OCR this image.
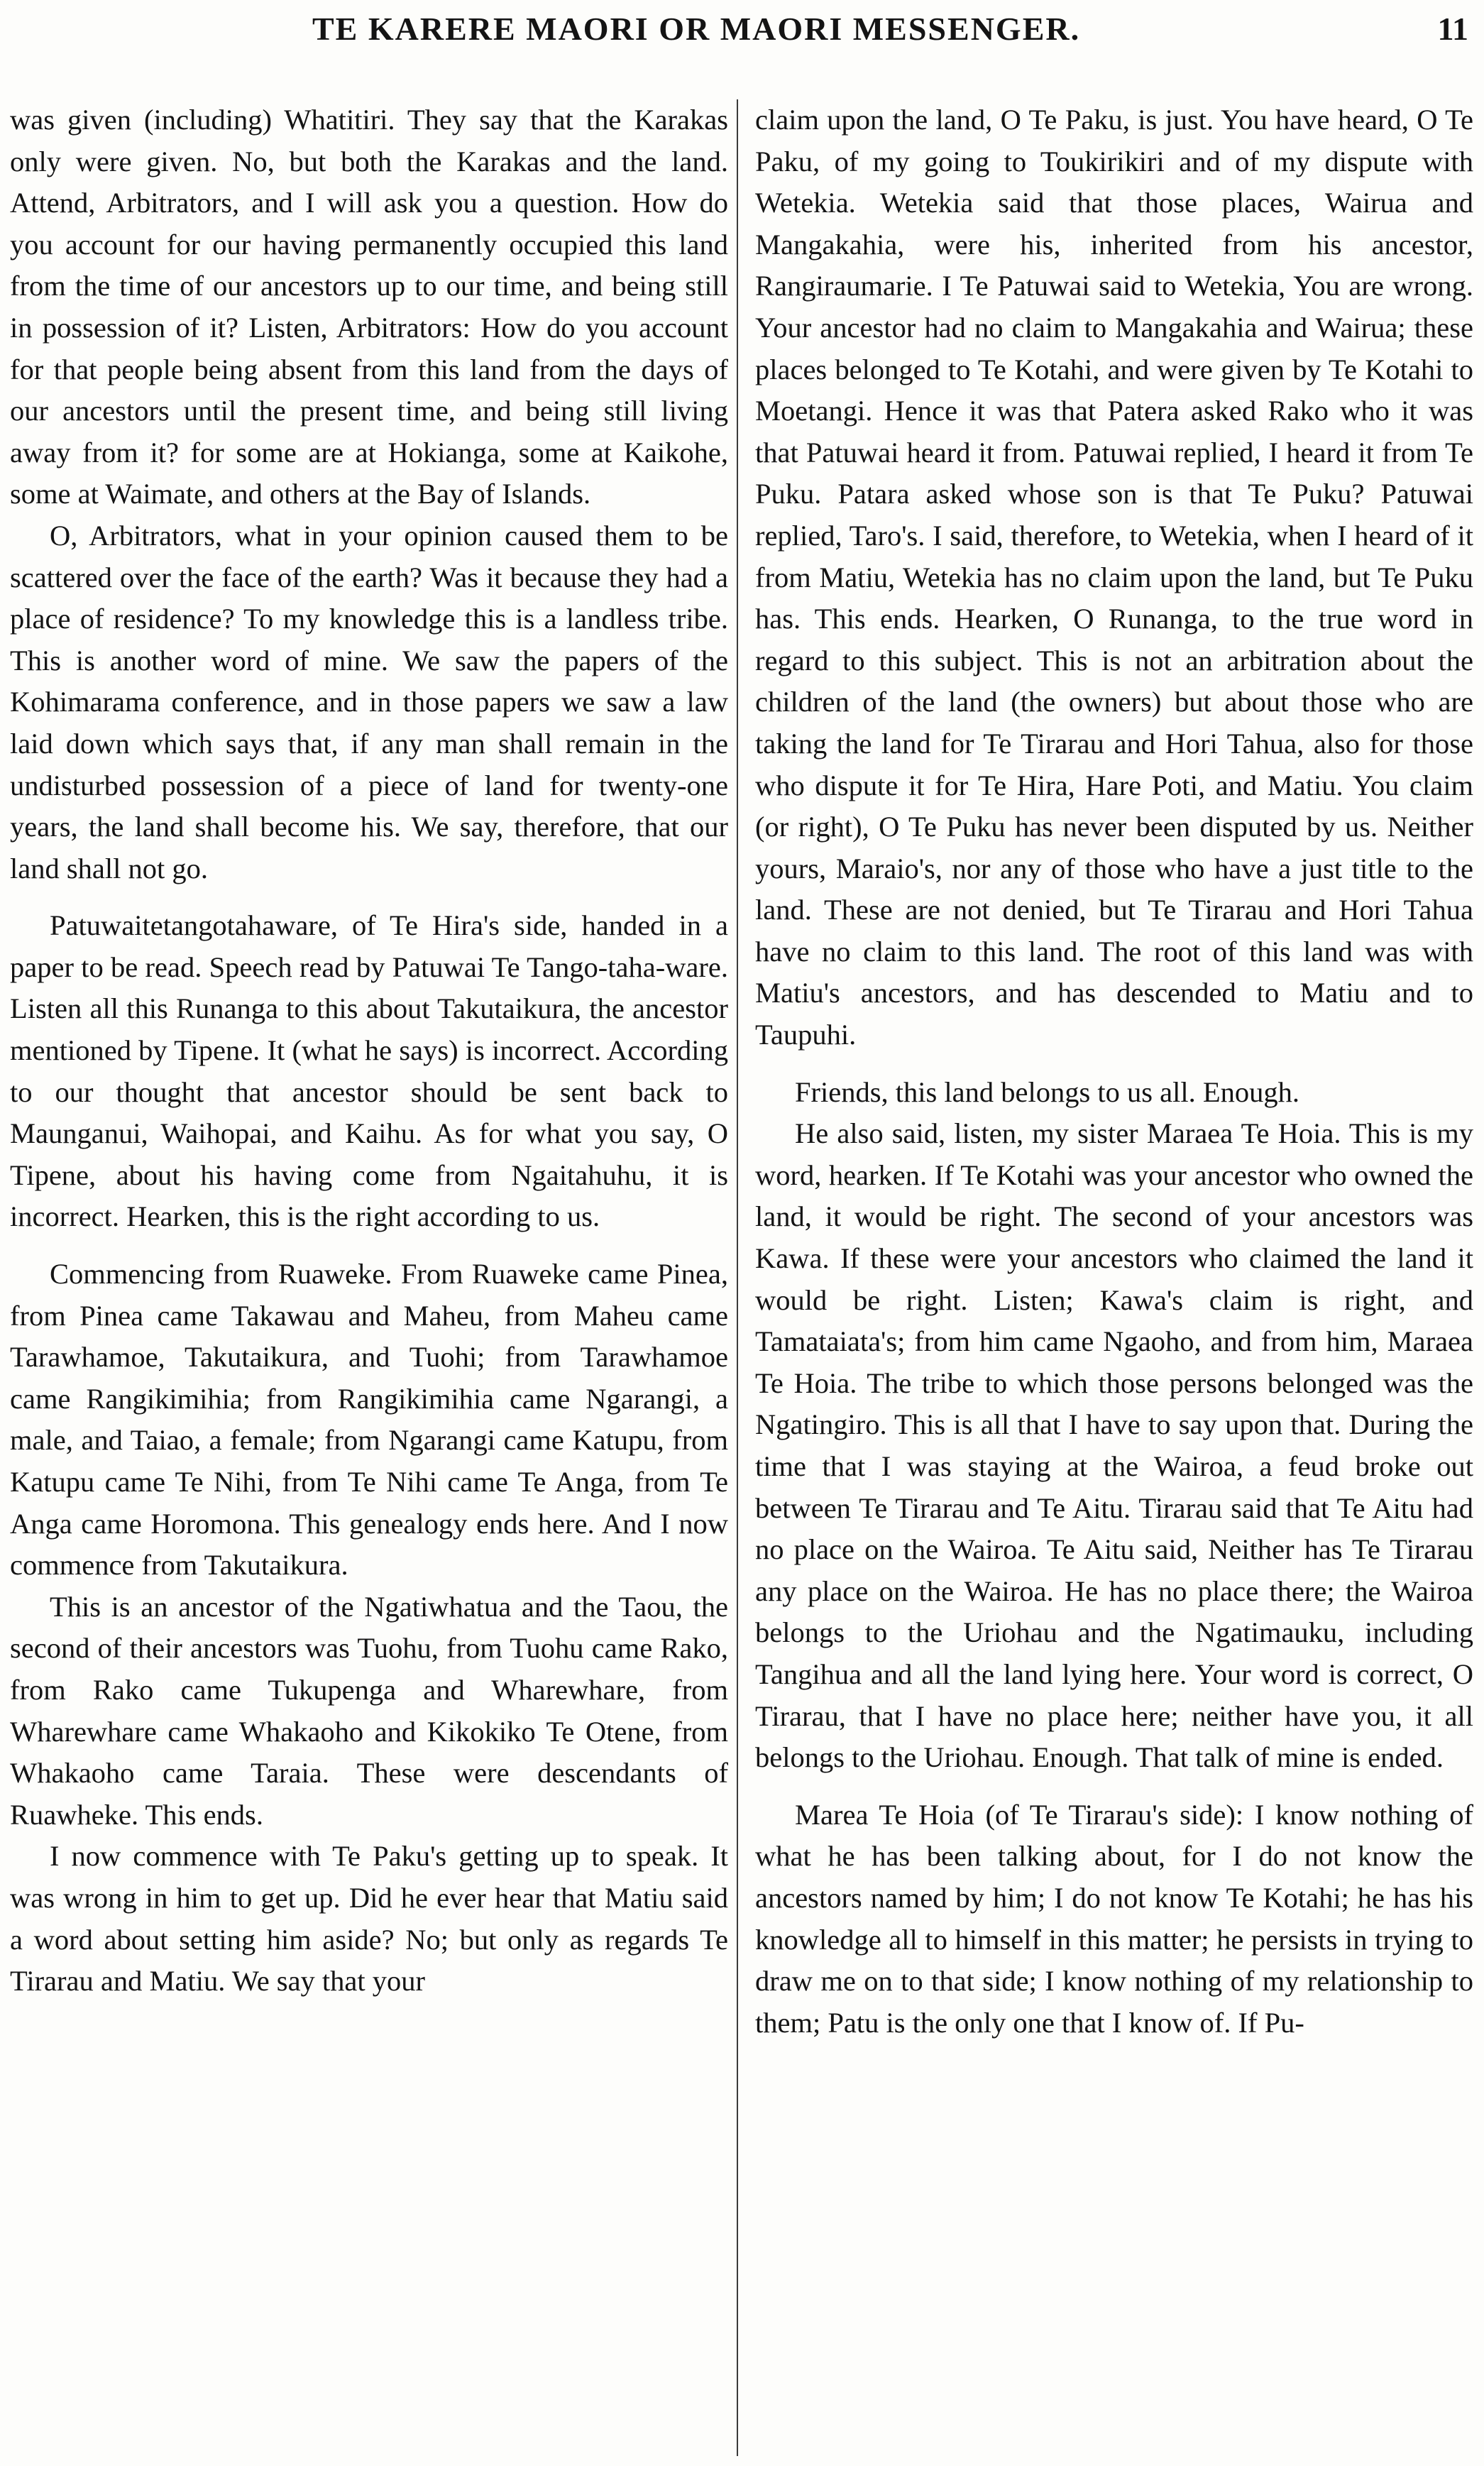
TE KARERE MAORI OR MAORI MESSENGER.	11

was given (including) Whatitiri. They say that the Karakas only were given. No, but both the Karakas and the land. Attend, Arbitrators, and I will ask you a question. How do you account for our having permanently occupied this land from the time of our ancestors up to our time, and being still in possession of it? Listen, Arbitrators: How do you account for that people being absent from this land from the days of our ancestors until the present time, and being still living away from it? for some are at Hokianga, some at Kaikohe, some at Waimate, and others at the Bay of Islands.

O, Arbitrators, what in your opinion caused them to be scattered over the face of the earth? Was it because they had a place of residence? To my knowledge this is a landless tribe. This is another word of mine. We saw the papers of the Kohimarama conference, and in those papers we saw a law laid down which says that, if any man shall remain in the undisturbed possession of a piece of land for twenty-one years, the land shall become his. We say, therefore, that our land shall not go.

Patuwaitetangotahaware, of Te Hira's side, handed in a paper to be read. Speech read by Patuwai Te Tango-taha-ware. Listen all this Runanga to this about Takutaikura, the ancestor mentioned by Tipene. It (what he says) is incorrect. According to our thought that ancestor should be sent back to Maunganui, Waihopai, and Kaihu. As for what you say, O Tipene, about his having come from Ngaitahuhu, it is incorrect. Hearken, this is the right according to us.

Commencing from Ruaweke. From Ruaweke came Pinea, from Pinea came Takawau and Maheu, from Maheu came Tarawhamoe, Takutaikura, and Tuohi; from Tarawhamoe came Rangikimihia; from Rangikimihia came Ngarangi, a male, and Taiao, a female; from Ngarangi came Katupu, from Katupu came Te Nihi, from Te Nihi came Te Anga, from Te Anga came Horomona. This genealogy ends here. And I now commence from Takutaikura.

This is an ancestor of the Ngatiwhatua and the Taou, the second of their ancestors was Tuohu, from Tuohu came Rako, from Rako came Tukupenga and Wharewhare, from Wharewhare came Whakaoho and Kikokiko Te Otene, from Whakaoho came Taraia. These were descendants of Ruawheke. This ends.

I now commence with Te Paku's getting up to speak. It was wrong in him to get up. Did he ever hear that Matiu said a word about setting him aside? No; but only as regards Te Tirarau and Matiu. We say that your

claim upon the land, O Te Paku, is just. You have heard, O Te Paku, of my going to Toukirikiri and of my dispute with Wetekia. Wetekia said that those places, Wairua and Mangakahia, were his, inherited from his ancestor, Rangiraumarie. I Te Patuwai said to Wetekia, You are wrong. Your ancestor had no claim to Mangakahia and Wairua; these places belonged to Te Kotahi, and were given by Te Kotahi to Moetangi. Hence it was that Patera asked Rako who it was that Patuwai heard it from. Patuwai replied, I heard it from Te Puku. Patara asked whose son is that Te Puku? Patuwai replied, Taro's. I said, therefore, to Wetekia, when I heard of it from Matiu, Wetekia has no claim upon the land, but Te Puku has. This ends. Hearken, O Runanga, to the true word in regard to this subject. This is not an arbitration about the children of the land (the owners) but about those who are taking the land for Te Tirarau and Hori Tahua, also for those who dispute it for Te Hira, Hare Poti, and Matiu. You claim (or right), O Te Puku has never been disputed by us. Neither yours, Maraio's, nor any of those who have a just title to the land. These are not denied, but Te Tirarau and Hori Tahua have no claim to this land. The root of this land was with Matiu's ancestors, and has descended to Matiu and to Taupuhi.

Friends, this land belongs to us all. Enough.

He also said, listen, my sister Maraea Te Hoia. This is my word, hearken. If Te Kotahi was your ancestor who owned the land, it would be right. The second of your ancestors was Kawa. If these were your ancestors who claimed the land it would be right. Listen; Kawa's claim is right, and Tamataiata's; from him came Ngaoho, and from him, Maraea Te Hoia. The tribe to which those persons belonged was the Ngatingiro. This is all that I have to say upon that. During the time that I was staying at the Wairoa, a feud broke out between Te Tirarau and Te Aitu. Tirarau said that Te Aitu had no place on the Wairoa. Te Aitu said, Neither has Te Tirarau any place on the Wairoa. He has no place there; the Wairoa belongs to the Uriohau and the Ngatimauku, including Tangihua and all the land lying here. Your word is correct, O Tirarau, that I have no place here; neither have you, it all belongs to the Uriohau. Enough. That talk of mine is ended.

Marea Te Hoia (of Te Tirarau's side): I know nothing of what he has been talking about, for I do not know the ancestors named by him; I do not know Te Kotahi; he has his knowledge all to himself in this matter; he persists in trying to draw me on to that side; I know nothing of my relationship to them; Patu is the only one that I know of. If Pu-
